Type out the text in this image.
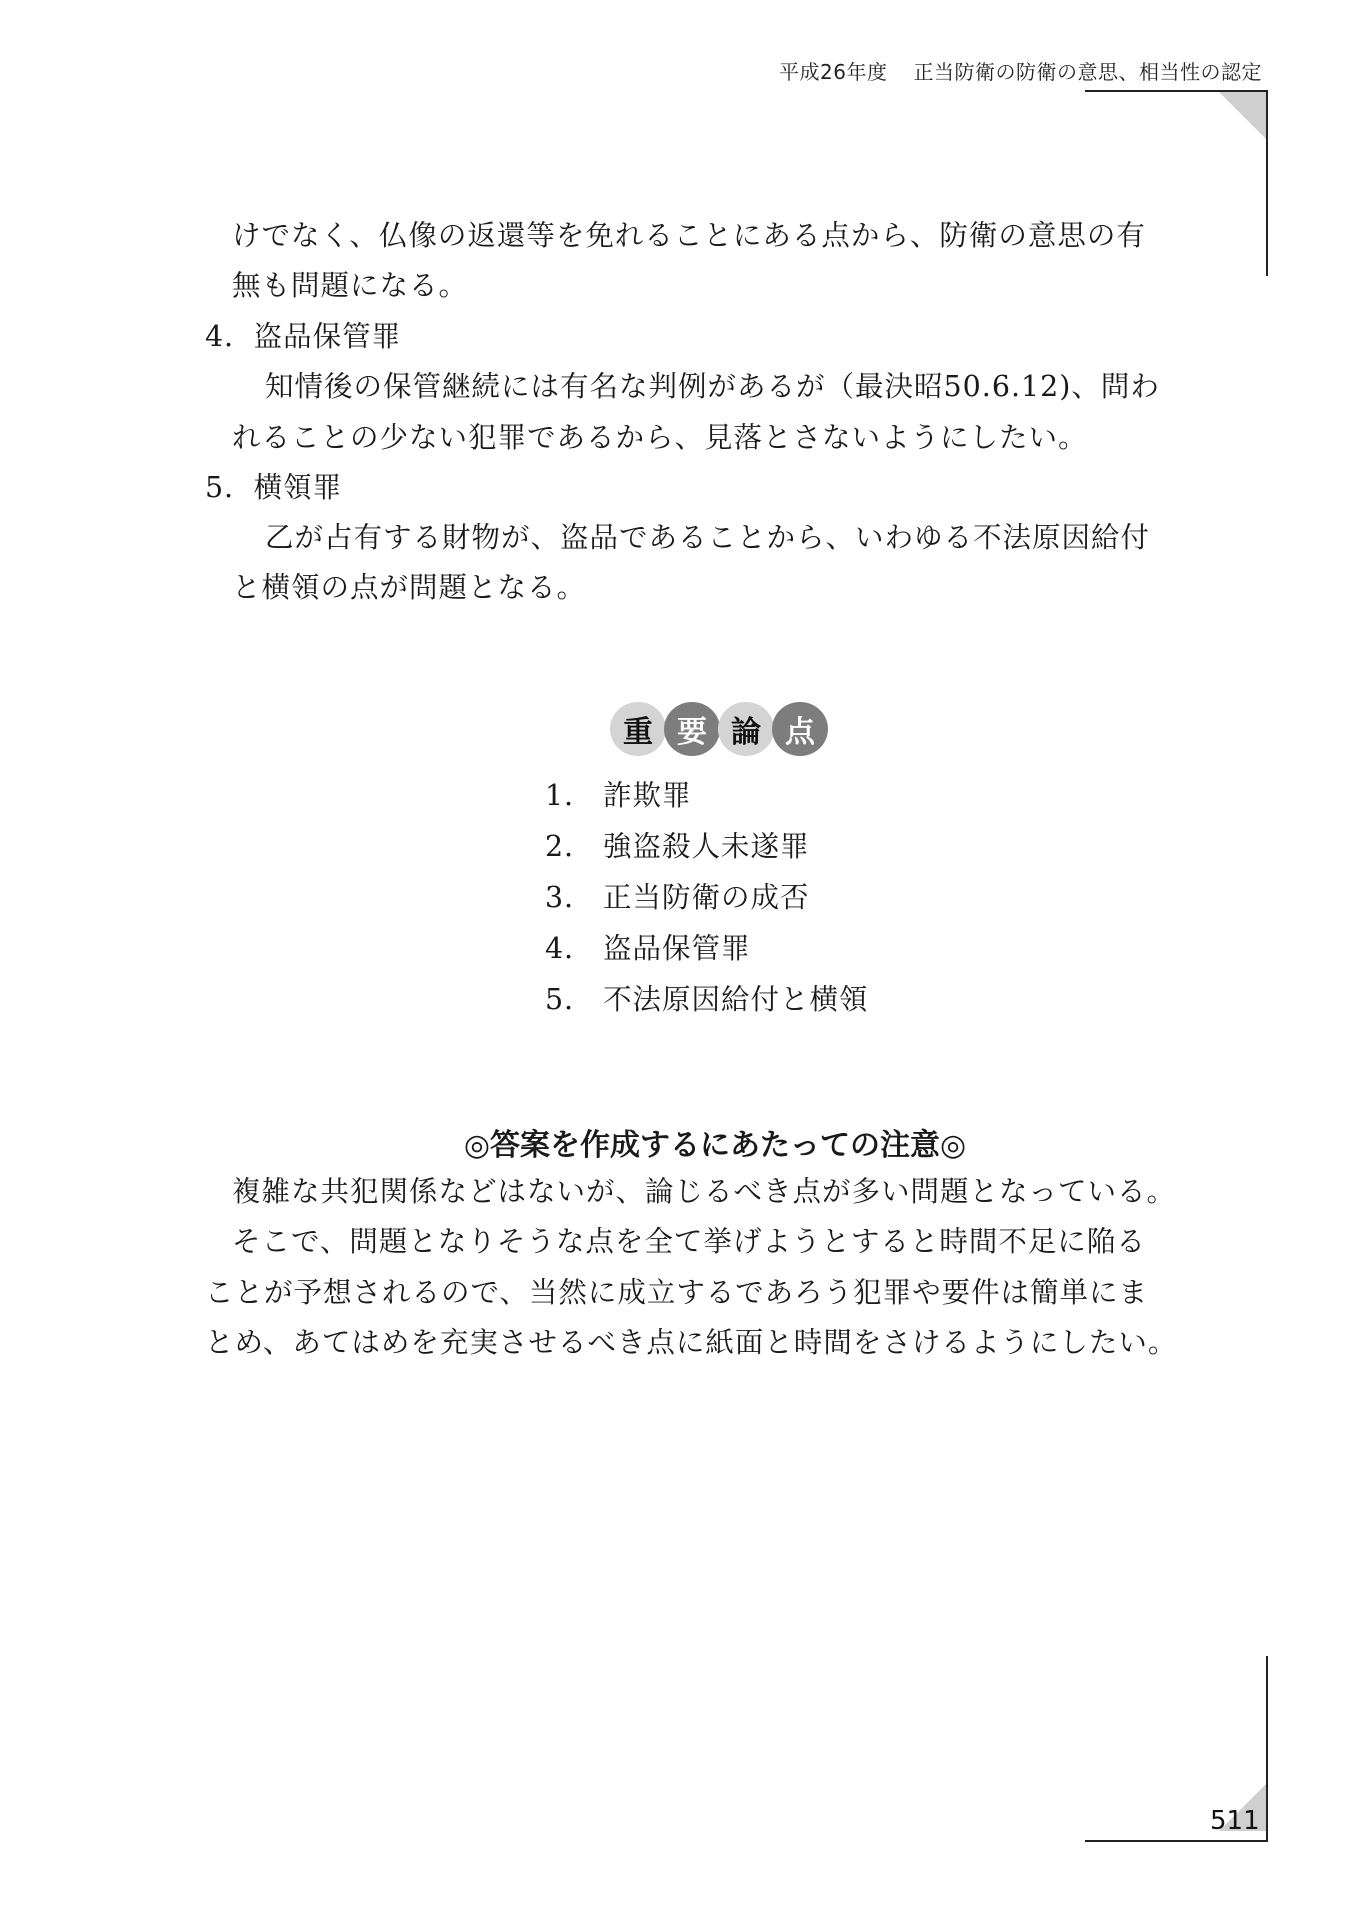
平成26年度 正当防衛の防衛の意思、相当性の認定
けでなく、仏像の返還等を免れることにある点から、防衛の意思の有
無も問題になる。
4．盗品保管罪
知情後の保管継続には有名な判例があるが（最決昭50.6.12)、問わ
れることの少ない犯罪であるから、見落とさないようにしたい。
5．横領罪
乙が占有する財物が、盗品であることから、いわゆる不法原因給付
と横領の点が問題となる。
重 要 論 点
1． 詐欺罪
2． 強盗殺人未遂罪
3． 正当防衛の成否
4． 盗品保管罪
5． 不法原因給付と横領
◎答案を作成するにあたっての注意◎
複雑な共犯関係などはないが、論じるべき点が多い問題となっている。
そこで、問題となりそうな点を全て挙げようとすると時間不足に陥る
ことが予想されるので、当然に成立するであろう犯罪や要件は簡単にま
とめ、あてはめを充実させるべき点に紙面と時間をさけるようにしたい。
511
